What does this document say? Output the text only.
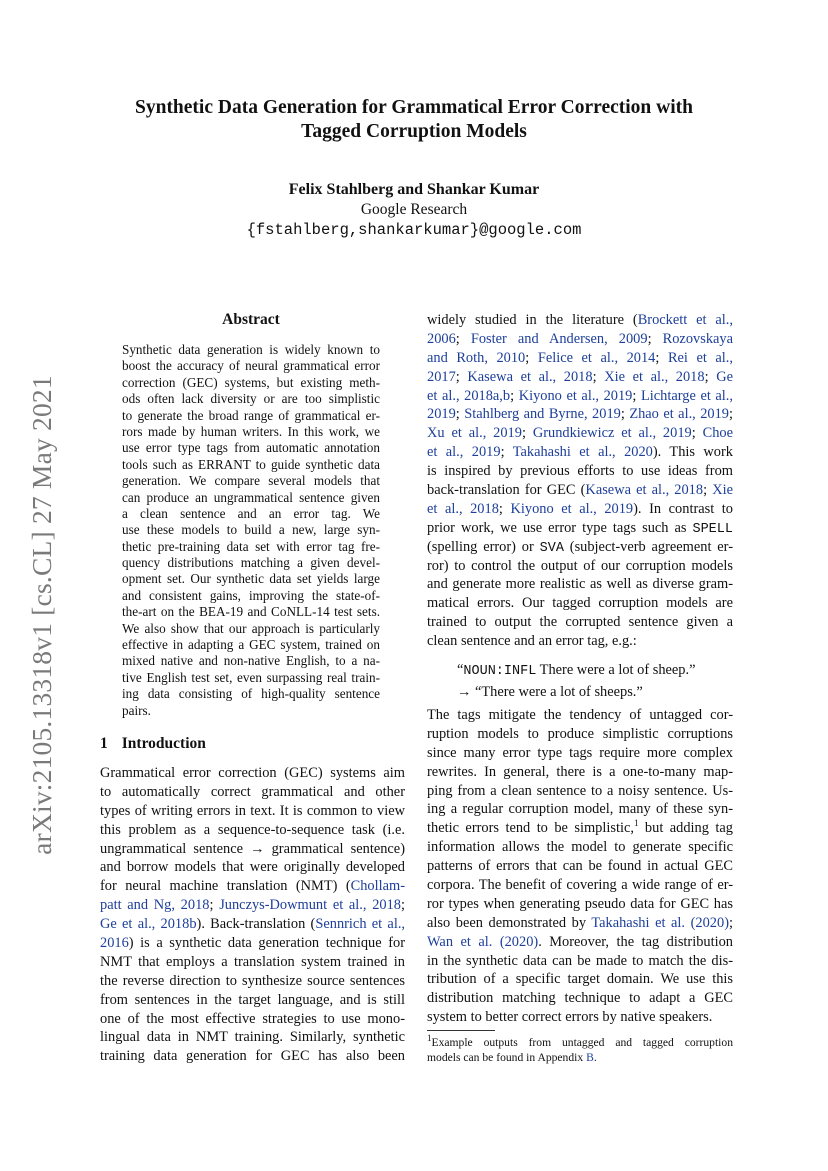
arXiv:2105.13318v1 [cs.CL] 27 May 2021
Synthetic Data Generation for Grammatical Error Correction with
Tagged Corruption Models
Felix Stahlberg and Shankar Kumar
Google Research
{fstahlberg,shankarkumar}@google.com
Abstract
Synthetic data generation is widely known to
boost the accuracy of neural grammatical error
correction (GEC) systems, but existing meth-
ods often lack diversity or are too simplistic
to generate the broad range of grammatical er-
rors made by human writers. In this work, we
use error type tags from automatic annotation
tools such as ERRANT to guide synthetic data
generation. We compare several models that
can produce an ungrammatical sentence given
a clean sentence and an error tag. We
use these models to build a new, large syn-
thetic pre-training data set with error tag fre-
quency distributions matching a given devel-
opment set. Our synthetic data set yields large
and consistent gains, improving the state-of-
the-art on the BEA-19 and CoNLL-14 test sets.
We also show that our approach is particularly
effective in adapting a GEC system, trained on
mixed native and non-native English, to a na-
tive English test set, even surpassing real train-
ing data consisting of high-quality sentence
pairs.
1 Introduction
Grammatical error correction (GEC) systems aim
to automatically correct grammatical and other
types of writing errors in text. It is common to view
this problem as a sequence-to-sequence task (i.e.
ungrammatical sentence → grammatical sentence)
and borrow models that were originally developed
for neural machine translation (NMT) (Chollam-
patt and Ng, 2018; Junczys-Dowmunt et al., 2018;
Ge et al., 2018b). Back-translation (Sennrich et al.,
2016) is a synthetic data generation technique for
NMT that employs a translation system trained in
the reverse direction to synthesize source sentences
from sentences in the target language, and is still
one of the most effective strategies to use mono-
lingual data in NMT training. Similarly, synthetic
training data generation for GEC has also been
widely studied in the literature (Brockett et al.,
2006; Foster and Andersen, 2009; Rozovskaya
and Roth, 2010; Felice et al., 2014; Rei et al.,
2017; Kasewa et al., 2018; Xie et al., 2018; Ge
et al., 2018a,b; Kiyono et al., 2019; Lichtarge et al.,
2019; Stahlberg and Byrne, 2019; Zhao et al., 2019;
Xu et al., 2019; Grundkiewicz et al., 2019; Choe
et al., 2019; Takahashi et al., 2020). This work
is inspired by previous efforts to use ideas from
back-translation for GEC (Kasewa et al., 2018; Xie
et al., 2018; Kiyono et al., 2019). In contrast to
prior work, we use error type tags such as SPELL
(spelling error) or SVA (subject-verb agreement er-
ror) to control the output of our corruption models
and generate more realistic as well as diverse gram-
matical errors. Our tagged corruption models are
trained to output the corrupted sentence given a
clean sentence and an error tag, e.g.:
“NOUN:INFL There were a lot of sheep.”
→ “There were a lot of sheeps.”
The tags mitigate the tendency of untagged cor-
ruption models to produce simplistic corruptions
since many error type tags require more complex
rewrites. In general, there is a one-to-many map-
ping from a clean sentence to a noisy sentence. Us-
ing a regular corruption model, many of these syn-
thetic errors tend to be simplistic,$^1$ but adding tag
information allows the model to generate specific
patterns of errors that can be found in actual GEC
corpora. The benefit of covering a wide range of er-
ror types when generating pseudo data for GEC has
also been demonstrated by Takahashi et al. (2020);
Wan et al. (2020). Moreover, the tag distribution
in the synthetic data can be made to match the dis-
tribution of a specific target domain. We use this
distribution matching technique to adapt a GEC
system to better correct errors by native speakers.
$^1$Example outputs from untagged and tagged corruption
models can be found in Appendix B.
